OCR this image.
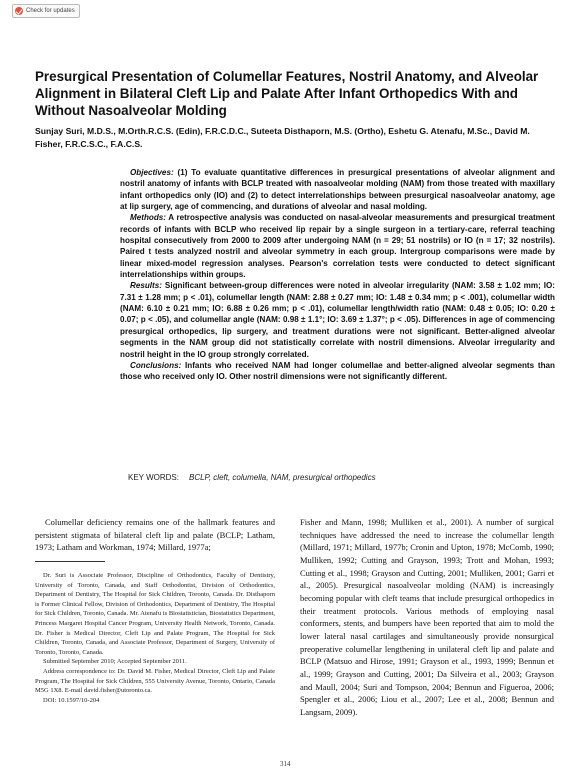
Check for updates
Presurgical Presentation of Columellar Features, Nostril Anatomy, and Alveolar Alignment in Bilateral Cleft Lip and Palate After Infant Orthopedics With and Without Nasoalveolar Molding
Sunjay Suri, M.D.S., M.Orth.R.C.S. (Edin), F.R.C.D.C., Suteeta Disthaporn, M.S. (Ortho), Eshetu G. Atenafu, M.Sc., David M. Fisher, F.R.C.S.C., F.A.C.S.

Objectives: (1) To evaluate quantitative differences in presurgical presentations of alveolar alignment and nostril anatomy of infants with BCLP treated with nasoalveolar molding (NAM) from those treated with maxillary infant orthopedics only (IO) and (2) to detect interrelationships between presurgical nasoalveolar anatomy, age at lip surgery, age of commencing, and durations of alveolar and nasal molding.

Methods: A retrospective analysis was conducted on nasal-alveolar measurements and presurgical treatment records of infants with BCLP who received lip repair by a single surgeon in a tertiary-care, referral teaching hospital consecutively from 2000 to 2009 after undergoing NAM (n = 29; 51 nostrils) or IO (n = 17; 32 nostrils). Paired t tests analyzed nostril and alveolar symmetry in each group. Intergroup comparisons were made by linear mixed-model regression analyses. Pearson's correlation tests were conducted to detect significant interrelationships within groups.

Results: Significant between-group differences were noted in alveolar irregularity (NAM: 3.58 ± 1.02 mm; IO: 7.31 ± 1.28 mm; p < .01), columellar length (NAM: 2.88 ± 0.27 mm; IO: 1.48 ± 0.34 mm; p < .001), columellar width (NAM: 6.10 ± 0.21 mm; IO: 6.88 ± 0.26 mm; p < .01), columellar length/width ratio (NAM: 0.48 ± 0.05; IO: 0.20 ± 0.07; p < .05), and columellar angle (NAM: 0.98 ± 1.1°; IO: 3.69 ± 1.37°; p < .05). Differences in age of commencing presurgical orthopedics, lip surgery, and treatment durations were not significant. Better-aligned alveolar segments in the NAM group did not statistically correlate with nostril dimensions. Alveolar irregularity and nostril height in the IO group strongly correlated.

Conclusions: Infants who received NAM had longer columellae and better-aligned alveolar segments than those who received only IO. Other nostril dimensions were not significantly different.

KEY WORDS: BCLP, cleft, columella, NAM, presurgical orthopedics

Columellar deficiency remains one of the hallmark features and persistent stigmata of bilateral cleft lip and palate (BCLP; Latham, 1973; Latham and Workman, 1974; Millard, 1977a;

Dr. Suri is Associate Professor, Discipline of Orthodontics, Faculty of Dentistry, University of Toronto, Canada, and Staff Orthodontist, Division of Orthodontics, Department of Dentistry, The Hospital for Sick Children, Toronto, Canada. Dr. Disthaporn is Former Clinical Fellow, Division of Orthodontics, Department of Dentistry, The Hospital for Sick Children, Toronto, Canada. Mr. Atenafu is Biostatistician, Biostatistics Department, Princess Margaret Hospital Cancer Program, University Health Network, Toronto, Canada. Dr. Fisher is Medical Director, Cleft Lip and Palate Program, The Hospital for Sick Children, Toronto, Canada, and Associate Professor, Department of Surgery, University of Toronto, Toronto, Canada.

Submitted September 2010; Accepted September 2011.

Address correspondence to: Dr. David M. Fisher, Medical Director, Cleft Lip and Palate Program, The Hospital for Sick Children, 555 University Avenue, Toronto, Ontario, Canada M5G 1X8. E-mail david.fisher@utoronto.ca.

DOI: 10.1597/10-204

Fisher and Mann, 1998; Mulliken et al., 2001). A number of surgical techniques have addressed the need to increase the columellar length (Millard, 1971; Millard, 1977b; Cronin and Upton, 1978; McComb, 1990; Mulliken, 1992; Cutting and Grayson, 1993; Trott and Mohan, 1993; Cutting et al., 1998; Grayson and Cutting, 2001; Mulliken, 2001; Garri et al., 2005). Presurgical nasoalveolar molding (NAM) is increasingly becoming popular with cleft teams that include presurgical orthopedics in their treatment protocols. Various methods of employing nasal conformers, stents, and bumpers have been reported that aim to mold the lower lateral nasal cartilages and simultaneously provide nonsurgical preoperative columellar lengthening in unilateral cleft lip and palate and BCLP (Matsuo and Hirose, 1991; Grayson et al., 1993, 1999; Bennun et al., 1999; Grayson and Cutting, 2001; Da Silveira et al., 2003; Grayson and Maull, 2004; Suri and Tompson, 2004; Bennun and Figueroa, 2006; Spengler et al., 2006; Liou et al., 2007; Lee et al., 2008; Bennun and Langsam, 2009).

314
